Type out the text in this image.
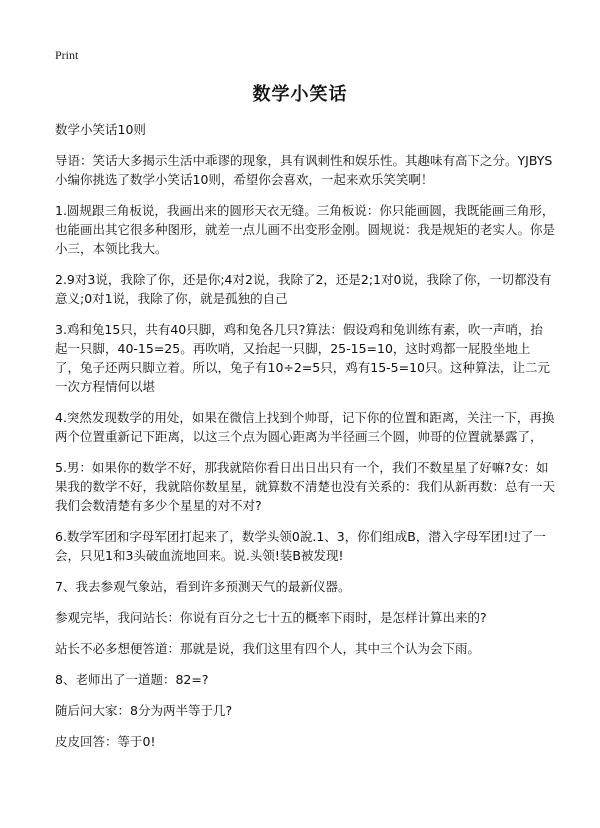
Print
数学小笑话

数学小笑话10则

导语：笑话大多揭示生活中乖谬的现象，具有讽刺性和娱乐性。其趣味有高下之分。YJBYS小编你挑选了数学小笑话10则，希望你会喜欢，一起来欢乐笑笑啊！

1.圆规跟三角板说，我画出来的圆形天衣无缝。三角板说：你只能画圆，我既能画三角形，也能画出其它很多种图形，就差一点儿画不出变形金刚。圆规说：我是规矩的老实人。你是小三，本领比我大。

2.9对3说，我除了你，还是你;4对2说，我除了2，还是2;1对0说，我除了你，一切都没有意义;0对1说，我除了你，就是孤独的自己

3.鸡和兔15只，共有40只脚，鸡和兔各几只?算法：假设鸡和兔训练有素，吹一声哨，抬起一只脚，40-15=25。再吹哨，又抬起一只脚，25-15=10，这时鸡都一屁股坐地上了，兔子还两只脚立着。所以，兔子有10÷2=5只，鸡有15-5=10只。这种算法，让二元一次方程情何以堪

4.突然发现数学的用处，如果在微信上找到个帅哥，记下你的位置和距离，关注一下，再换两个位置重新记下距离，以这三个点为圆心距离为半径画三个圆，帅哥的位置就暴露了，

5.男：如果你的数学不好，那我就陪你看日出日出只有一个，我们不数星星了好嘛?女：如果我的数学不好，我就陪你数星星，就算数不清楚也没有关系的：我们从新再数：总有一天我们会数清楚有多少个星星的对不对?

6.数学军团和字母军团打起来了，数学头领0說.1、3，你们组成B，潜入字母军团!过了一会，只见1和3头破血流地回来。说.头领!装B被发现!

7、我去参观气象站，看到许多预测天气的最新仪器。

参观完毕，我问站长：你说有百分之七十五的概率下雨时，是怎样计算出来的?

站长不必多想便答道：那就是说，我们这里有四个人，其中三个认为会下雨。

8、老师出了一道题：82=?

随后问大家：8分为两半等于几?

皮皮回答：等于0!
